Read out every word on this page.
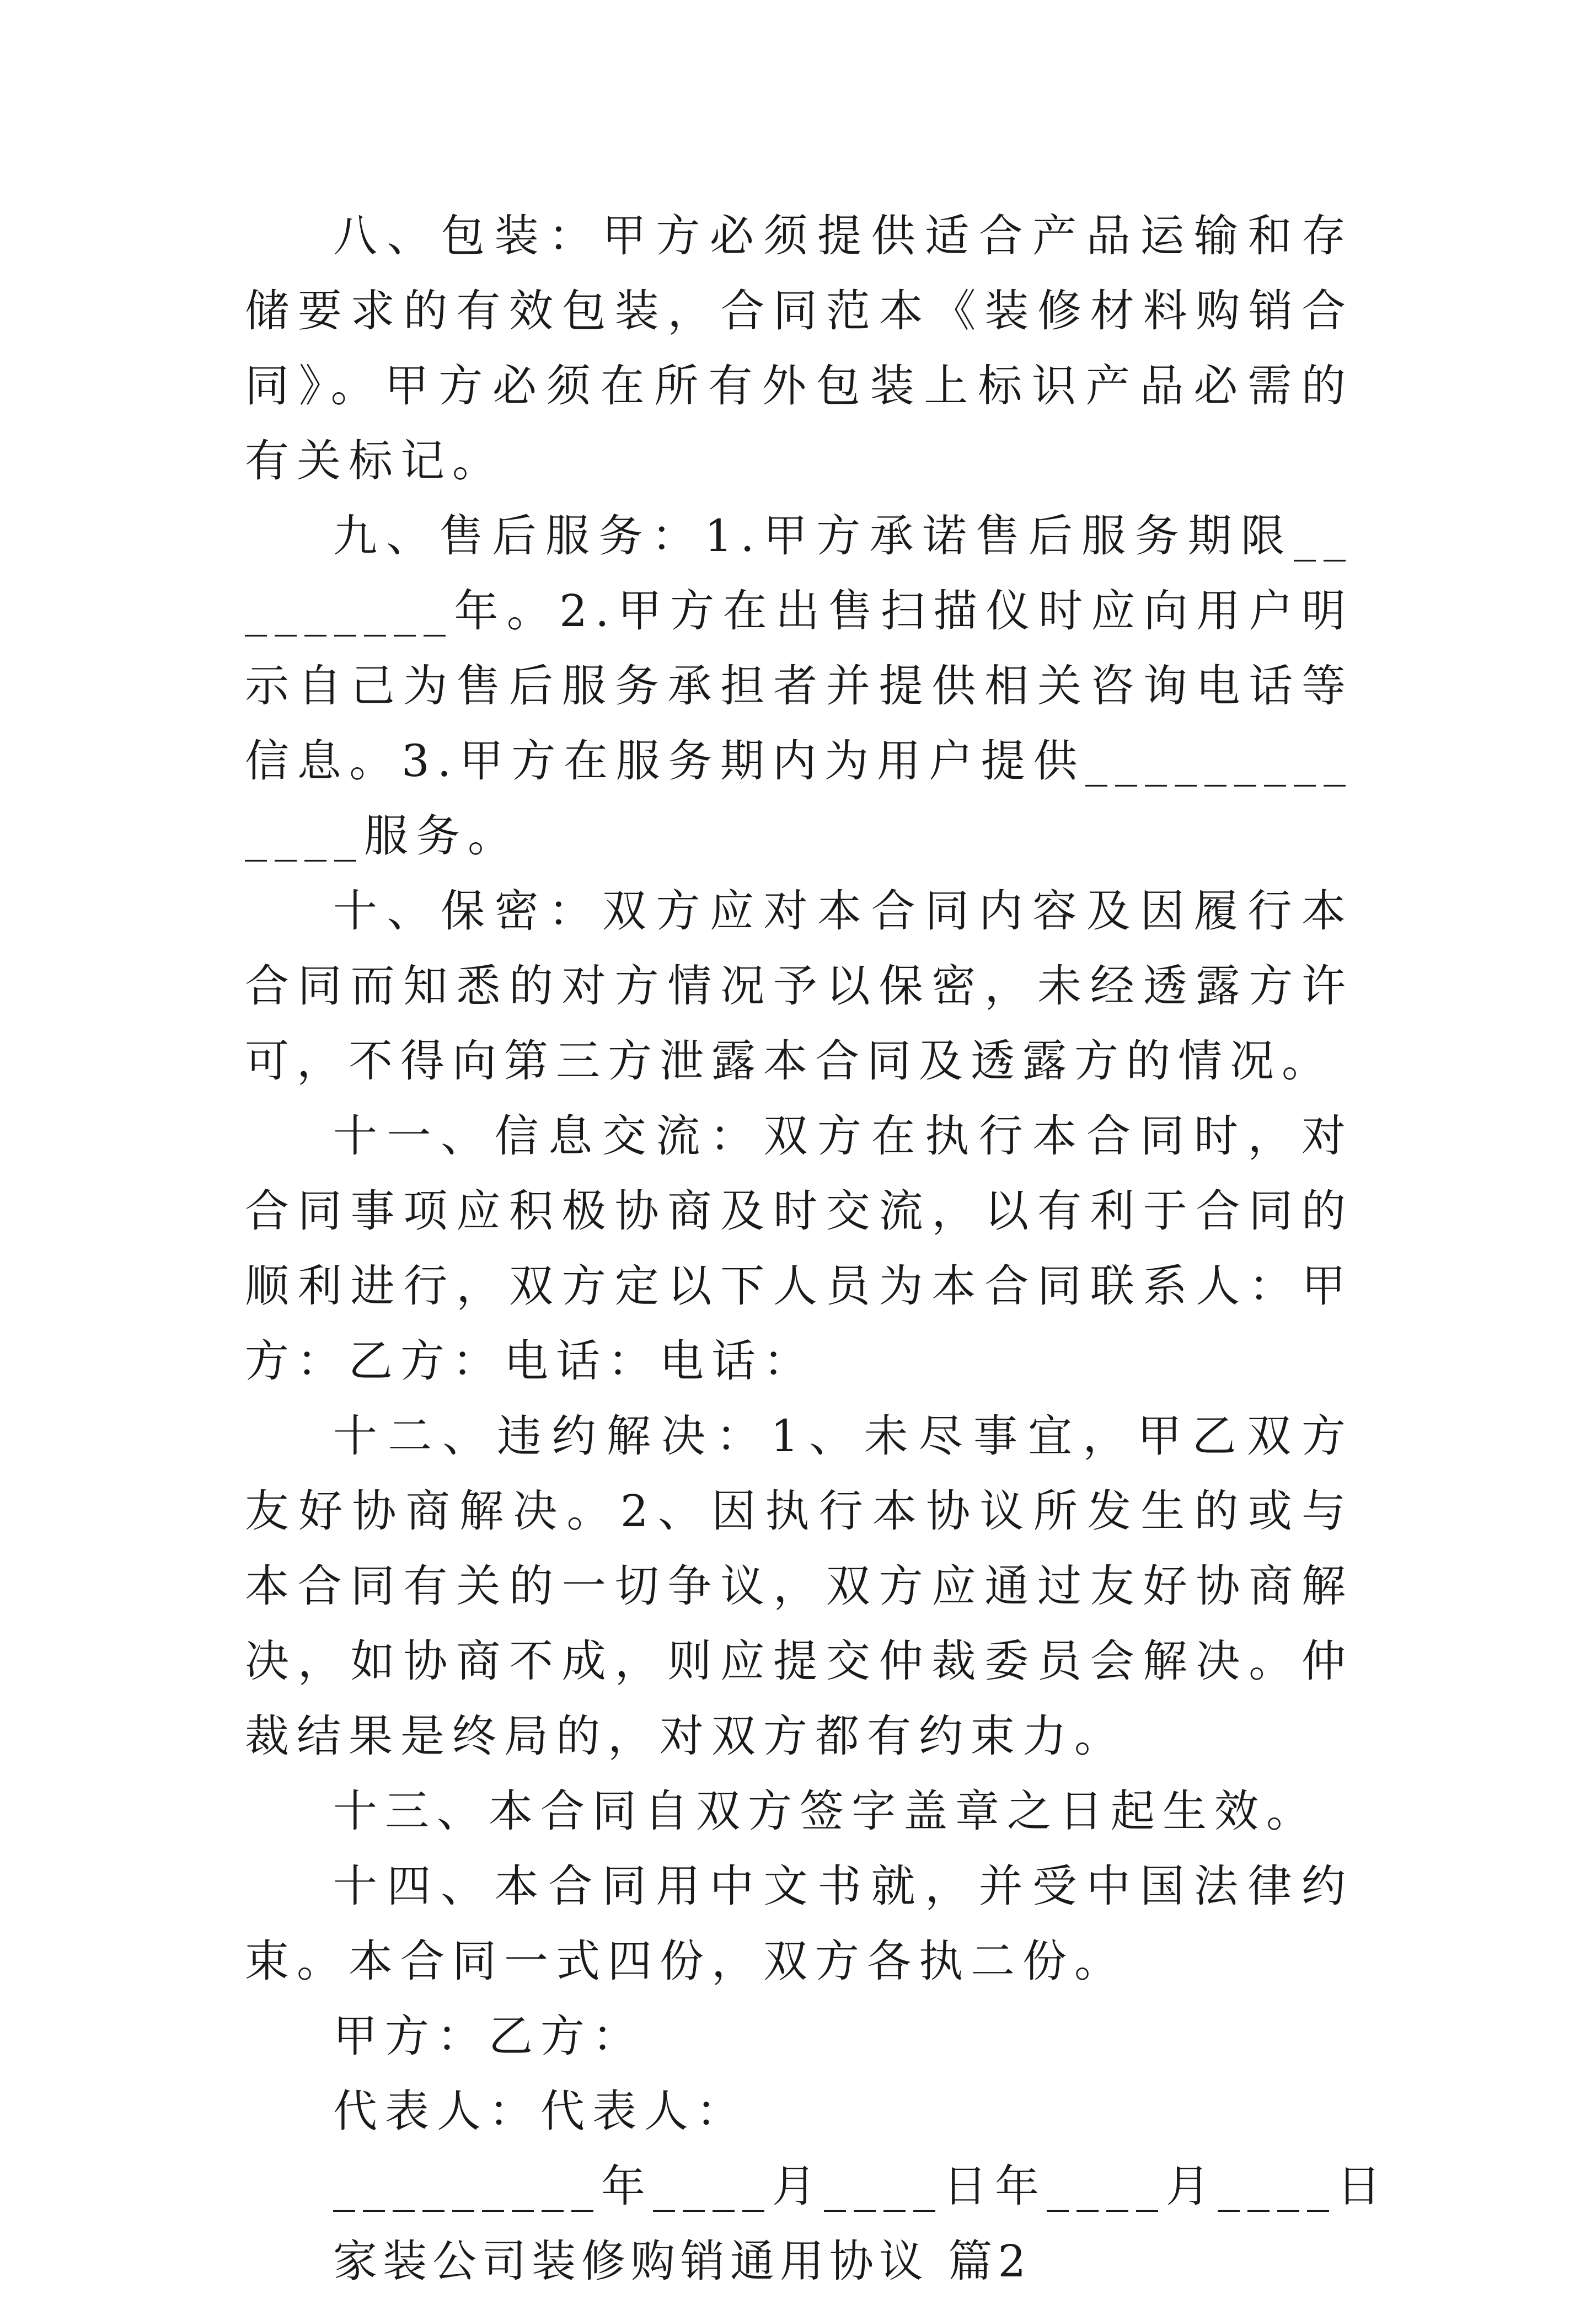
八、包装：甲方必须提供适合产品运输和存储要求的有效包装，合同范本《装修材料购销合同》。甲方必须在所有外包装上标识产品必需的有关标记。

九、售后服务：1.甲方承诺售后服务期限_________年。2.甲方在出售扫描仪时应向用户明示自己为售后服务承担者并提供相关咨询电话等信息。3.甲方在服务期内为用户提供_____________服务。

十、保密：双方应对本合同内容及因履行本合同而知悉的对方情况予以保密，未经透露方许可，不得向第三方泄露本合同及透露方的情况。

十一、信息交流：双方在执行本合同时，对合同事项应积极协商及时交流，以有利于合同的顺利进行，双方定以下人员为本合同联系人：甲方：乙方：电话：电话：

十二、违约解决：1、未尽事宜，甲乙双方友好协商解决。2、因执行本协议所发生的或与本合同有关的一切争议，双方应通过友好协商解决，如协商不成，则应提交仲裁委员会解决。仲裁结果是终局的，对双方都有约束力。

十三、本合同自双方签字盖章之日起生效。

十四、本合同用中文书就，并受中国法律约束。本合同一式四份，双方各执二份。

甲方：乙方：

代表人：代表人：

_________年____月____日年____月____日

家装公司装修购销通用协议 篇2
